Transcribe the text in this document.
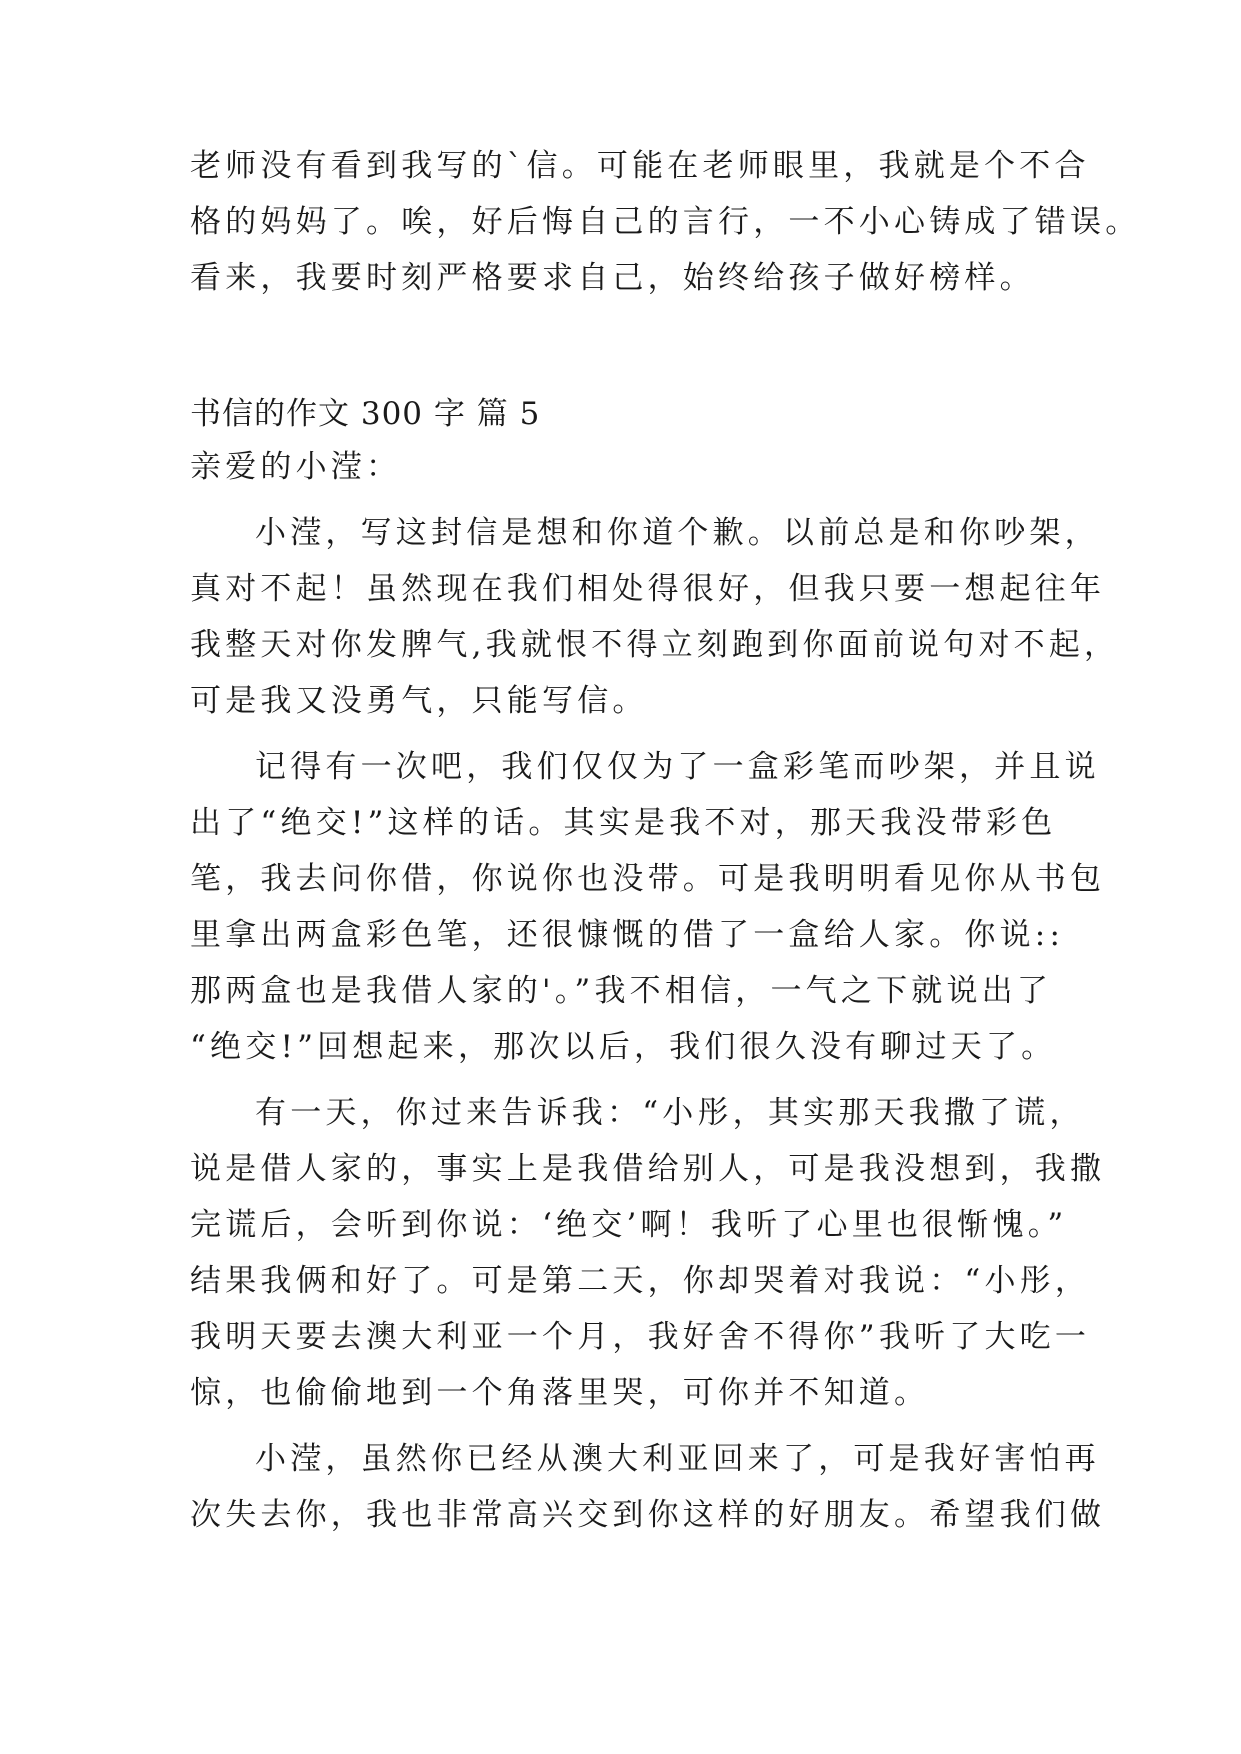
老师没有看到我写的`信。可能在老师眼里，我就是个不合
格的妈妈了。唉，好后悔自己的言行，一不小心铸成了错误。
看来，我要时刻严格要求自己，始终给孩子做好榜样。
书信的作文 300 字 篇 5
亲爱的小滢：
小滢，写这封信是想和你道个歉。以前总是和你吵架，
真对不起！虽然现在我们相处得很好，但我只要一想起往年
我整天对你发脾气,我就恨不得立刻跑到你面前说句对不起，
可是我又没勇气，只能写信。
记得有一次吧，我们仅仅为了一盒彩笔而吵架，并且说
出了“绝交!”这样的话。其实是我不对，那天我没带彩色
笔，我去问你借，你说你也没带。可是我明明看见你从书包
里拿出两盒彩色笔，还很慷慨的借了一盒给人家。你说::
那两盒也是我借人家的'。”我不相信，一气之下就说出了
“绝交!”回想起来，那次以后，我们很久没有聊过天了。
有一天，你过来告诉我：“小彤，其实那天我撒了谎，
说是借人家的，事实上是我借给别人，可是我没想到，我撒
完谎后，会听到你说：‘绝交’啊！我听了心里也很惭愧。”
结果我俩和好了。可是第二天，你却哭着对我说：“小彤，
我明天要去澳大利亚一个月，我好舍不得你”我听了大吃一
惊，也偷偷地到一个角落里哭，可你并不知道。
小滢，虽然你已经从澳大利亚回来了，可是我好害怕再
次失去你，我也非常高兴交到你这样的好朋友。希望我们做
